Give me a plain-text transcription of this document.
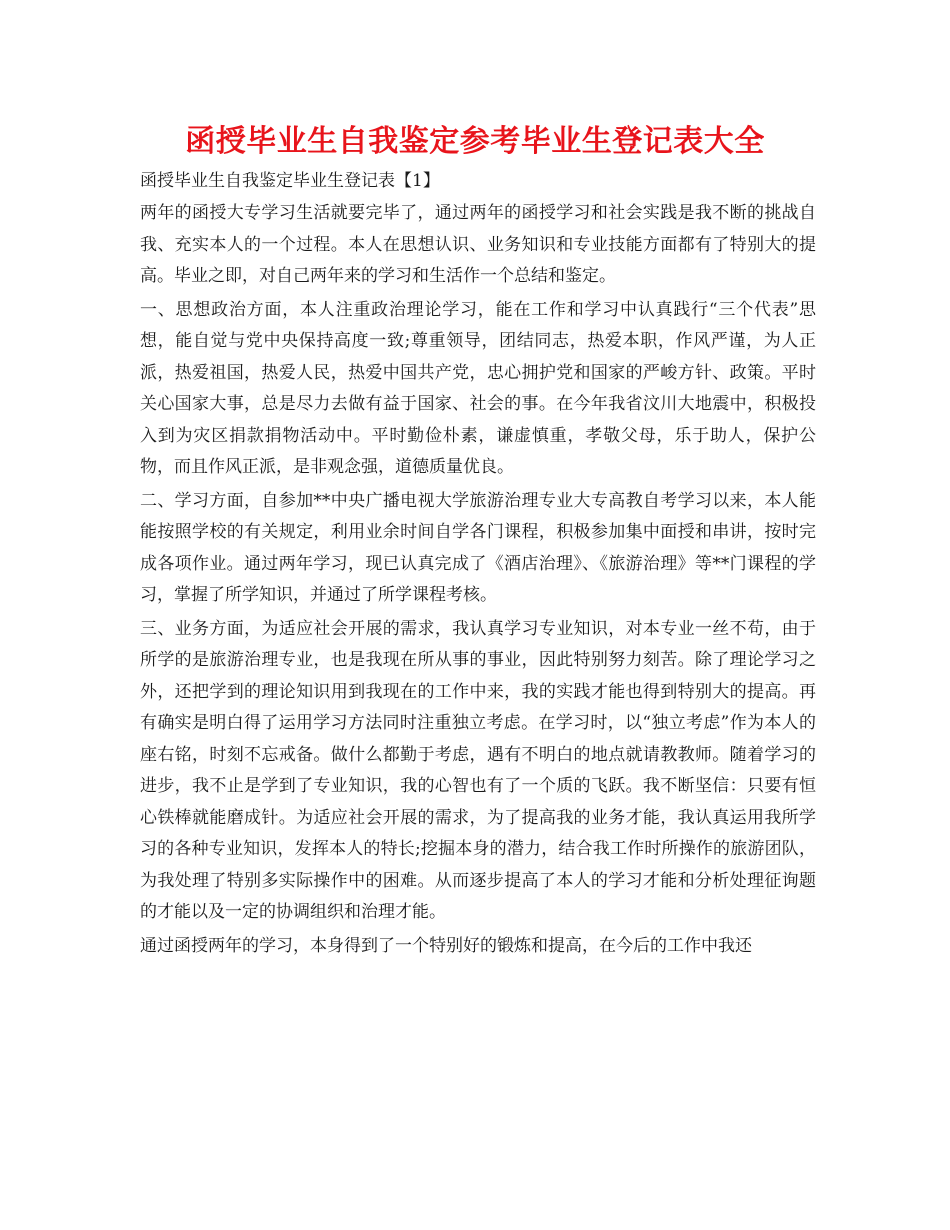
函授毕业生自我鉴定参考毕业生登记表大全

函授毕业生自我鉴定毕业生登记表【1】

两年的函授大专学习生活就要完毕了，通过两年的函授学习和社会实践是我不断的挑战自我、充实本人的一个过程。本人在思想认识、业务知识和专业技能方面都有了特别大的提高。毕业之即，对自己两年来的学习和生活作一个总结和鉴定。

一、思想政治方面，本人注重政治理论学习，能在工作和学习中认真践行“三个代表”思想，能自觉与党中央保持高度一致;尊重领导，团结同志，热爱本职，作风严谨，为人正派，热爱祖国，热爱人民，热爱中国共产党，忠心拥护党和国家的严峻方针、政策。平时关心国家大事，总是尽力去做有益于国家、社会的事。在今年我省汶川大地震中，积极投入到为灾区捐款捐物活动中。平时勤俭朴素，谦虚慎重，孝敬父母，乐于助人，保护公物，而且作风正派，是非观念强，道德质量优良。

二、学习方面，自参加**中央广播电视大学旅游治理专业大专高教自考学习以来，本人能能按照学校的有关规定，利用业余时间自学各门课程，积极参加集中面授和串讲，按时完成各项作业。通过两年学习，现已认真完成了《酒店治理》、《旅游治理》等**门课程的学习，掌握了所学知识，并通过了所学课程考核。

三、业务方面，为适应社会开展的需求，我认真学习专业知识，对本专业一丝不苟，由于所学的是旅游治理专业，也是我现在所从事的事业，因此特别努力刻苦。除了理论学习之外，还把学到的理论知识用到我现在的工作中来，我的实践才能也得到特别大的提高。再有确实是明白得了运用学习方法同时注重独立考虑。在学习时，以“独立考虑”作为本人的座右铭，时刻不忘戒备。做什么都勤于考虑，遇有不明白的地点就请教教师。随着学习的进步，我不止是学到了专业知识，我的心智也有了一个质的飞跃。我不断坚信：只要有恒心铁棒就能磨成针。为适应社会开展的需求，为了提高我的业务才能，我认真运用我所学习的各种专业知识，发挥本人的特长;挖掘本身的潜力，结合我工作时所操作的旅游团队，为我处理了特别多实际操作中的困难。从而逐步提高了本人的学习才能和分析处理征询题的才能以及一定的协调组织和治理才能。

通过函授两年的学习，本身得到了一个特别好的锻炼和提高，在今后的工作中我还
